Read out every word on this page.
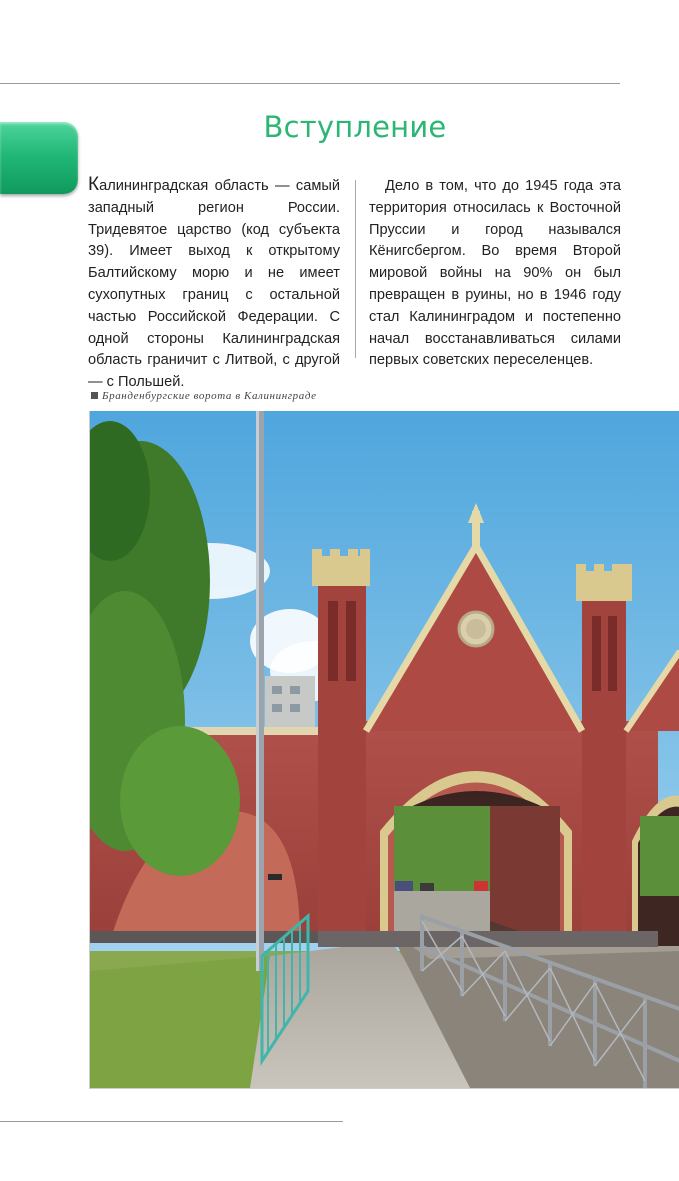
Вступление

Калининградская область — самый западный регион России. Тридевятое царство (код субъекта 39). Имеет выход к открытому Балтийскому морю и не имеет сухопутных границ с остальной частью Российской Федерации. С одной стороны Калининградская область граничит с Литвой, с другой — с Польшей.

Дело в том, что до 1945 года эта территория относилась к Восточной Пруссии и город назывался Кёнигсбергом. Во время Второй мировой войны на 90% он был превращен в руины, но в 1946 году стал Калининградом и постепенно начал восстанавливаться силами первых советских переселенцев.

Бранденбургские ворота в Калининграде
